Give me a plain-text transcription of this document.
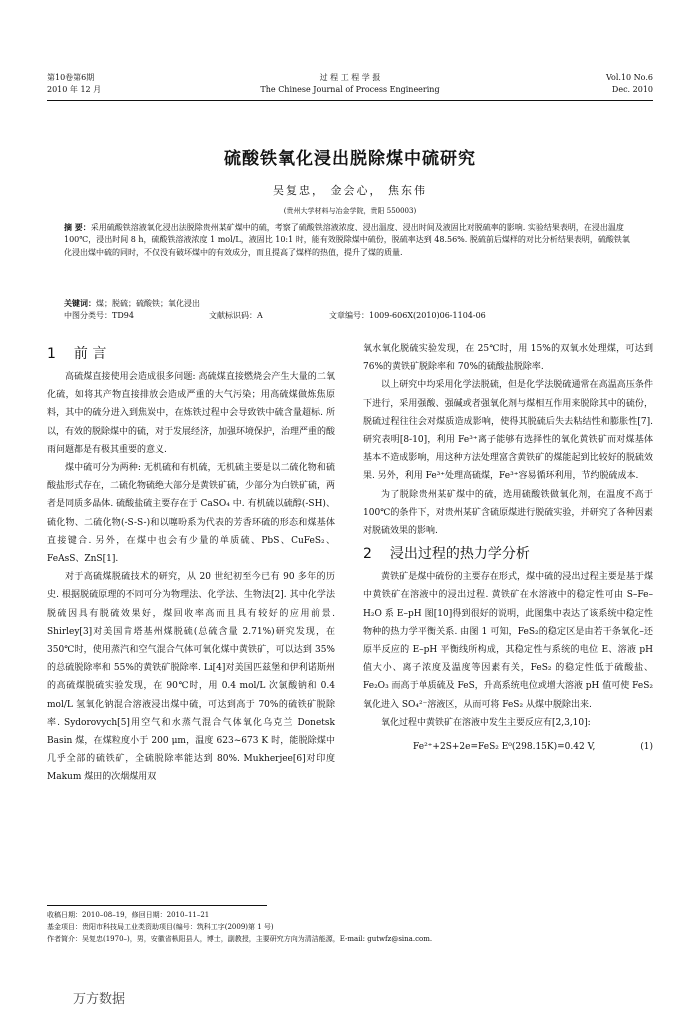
第10卷第6期
2010 年 12 月
过 程 工 程 学 报
The Chinese Journal of Process Engineering
Vol.10 No.6
Dec. 2010
硫酸铁氧化浸出脱除煤中硫研究
吴复忠， 金会心， 焦东伟
(贵州大学材料与冶金学院，贵阳 550003)
摘 要：采用硫酸铁溶液氧化浸出法脱除贵州某矿煤中的硫，考察了硫酸铁溶液浓度、浸出温度、浸出时间及液固比对脱硫率的影响. 实验结果表明，在浸出温度 100℃，浸出时间 8 h，硫酸铁溶液浓度 1 mol/L，液固比 10:1 时，能有效脱除煤中硫份，脱硫率达到 48.56%. 脱硫前后煤样的对比分析结果表明，硫酸铁氧化浸出煤中硫的同时，不仅没有破坏煤中的有效成分，而且提高了煤样的热值，提升了煤的质量.
关键词：煤；脱硫；硫酸铁；氧化浸出
中图分类号：TD94	文献标识码：A	文章编号：1009-606X(2010)06-1104-06
1 前 言

高硫煤直接使用会造成很多问题: 高硫煤直接燃烧会产生大量的二氧化硫，如将其产物直接排放会造成严重的大气污染；用高硫煤做炼焦原料，其中的硫分进入到焦炭中，在炼铁过程中会导致铁中硫含量超标. 所以，有效的脱除煤中的硫，对于发展经济，加强环境保护，治理严重的酸雨问题都是有极其重要的意义.

煤中硫可分为两种: 无机硫和有机硫，无机硫主要是以二硫化物和硫酸盐形式存在，二硫化物硫绝大部分是黄铁矿硫，少部分为白铁矿硫，两者是同质多晶体. 硫酸盐硫主要存在于 CaSO₄ 中. 有机硫以硫醇(-SH)、硫化物、二硫化物(-S-S-)和以噻吩系为代表的芳香环硫的形态和煤基体直接键合. 另外，在煤中也会有少量的单质硫、PbS、CuFeS₂、FeAsS、ZnS[1].

对于高硫煤脱硫技术的研究，从 20 世纪初至今已有 90 多年的历史. 根据脱硫原理的不同可分为物理法、化学法、生物法[2]. 其中化学法脱硫因具有脱硫效果好，煤回收率高而且具有较好的应用前景. Shirley[3]对美国肯塔基州煤脱硫(总硫含量 2.71%)研究发现，在 350℃时，使用蒸汽和空气混合气体可氧化煤中黄铁矿，可以达到 35%的总硫脱除率和 55%的黄铁矿脱除率. Li[4]对美国匹兹堡和伊利诺斯州的高硫煤脱硫实验发现，在 90℃时，用 0.4 mol/L 次氯酸钠和 0.4 mol/L 氢氧化钠混合溶液浸出煤中硫，可达到高于 70%的硫铁矿脱除率. Sydorovych[5]用空气和水蒸气混合气体氧化乌克兰 Donetsk Basin 煤，在煤粒度小于 200 μm，温度 623~673 K 时，能脱除煤中几乎全部的硫铁矿，全硫脱除率能达到 80%. Mukherjee[6]对印度 Makum 煤田的次烟煤用双

氧水氧化脱硫实验发现，在 25℃时，用 15%的双氧水处理煤，可达到 76%的黄铁矿脱除率和 70%的硫酸盐脱除率.

以上研究中均采用化学法脱硫，但是化学法脱硫通常在高温高压条件下进行，采用强酸、强碱或者强氧化剂与煤相互作用来脱除其中的硫份，脱硫过程往往会对煤质造成影响，使得其脱硫后失去粘结性和膨胀性[7]. 研究表明[8-10]，利用 Fe³⁺离子能够有选择性的氧化黄铁矿而对煤基体基本不造成影响，用这种方法处理富含黄铁矿的煤能起到比较好的脱硫效果. 另外，利用 Fe³⁺处理高硫煤，Fe³⁺容易循环利用，节约脱硫成本.

为了脱除贵州某矿煤中的硫，选用硫酸铁做氧化剂，在温度不高于 100℃的条件下，对贵州某矿含硫原煤进行脱硫实验，并研究了各种因素对脱硫效果的影响.

2 浸出过程的热力学分析

黄铁矿是煤中硫份的主要存在形式，煤中硫的浸出过程主要是基于煤中黄铁矿在溶液中的浸出过程. 黄铁矿在水溶液中的稳定性可由 S–Fe–H₂O 系 E–pH 图[10]得到很好的说明，此图集中表达了该系统中稳定性物种的热力学平衡关系. 由图 1 可知，FeS₂的稳定区是由若干条氧化–还原半反应的 E–pH 平衡线所构成，其稳定性与系统的电位 E、溶液 pH 值大小、离子浓度及温度等因素有关，FeS₂ 的稳定性低于硫酸盐、Fe₂O₃ 而高于单质硫及 FeS，升高系统电位或增大溶液 pH 值可使 FeS₂ 氧化进入 SO₄²⁻溶液区，从而可将 FeS₂ 从煤中脱除出来.

氧化过程中黄铁矿在溶液中发生主要反应有[2,3,10]:

Fe²⁺+2S+2e=FeS₂ E⁰(298.15K)=0.42 V,	(1)
收稿日期：2010–08–19，修回日期：2010–11–21
基金项目：贵阳市科技局工业类资助项目(编号：筑科工字(2009)第 1 号)
作者简介：吴复忠(1970–)，男，安徽省枞阳县人，博士，副教授，主要研究方向为清洁能源，E-mail: gutwfz@sina.com.
万方数据
